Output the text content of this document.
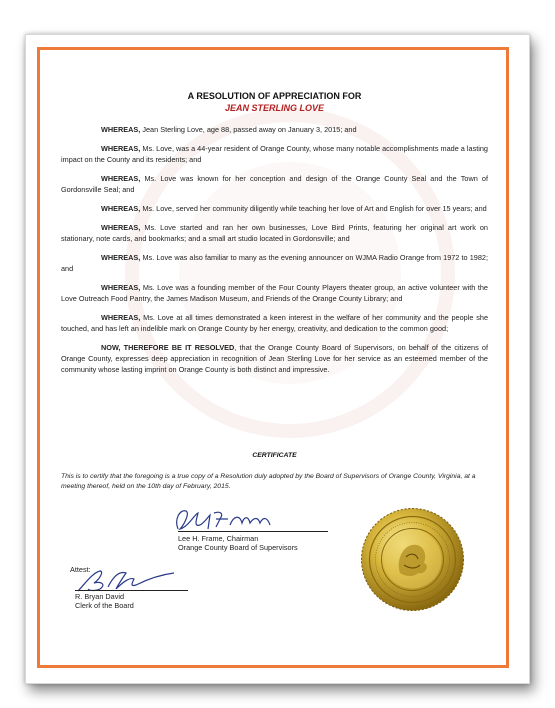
A RESOLUTION OF APPRECIATION FOR
JEAN STERLING LOVE

WHEREAS, Jean Sterling Love, age 88, passed away on January 3, 2015; and

WHEREAS, Ms. Love, was a 44-year resident of Orange County, whose many notable accomplishments made a lasting impact on the County and its residents; and

WHEREAS, Ms. Love was known for her conception and design of the Orange County Seal and the Town of Gordonsville Seal; and

WHEREAS, Ms. Love, served her community diligently while teaching her love of Art and English for over 15 years; and

WHEREAS, Ms. Love started and ran her own businesses, Love Bird Prints, featuring her original art work on stationary, note cards, and bookmarks; and a small art studio located in Gordonsville; and

WHEREAS, Ms. Love was also familiar to many as the evening announcer on WJMA Radio Orange from 1972 to 1982; and

WHEREAS, Ms. Love was a founding member of the Four County Players theater group, an active volunteer with the Love Outreach Food Pantry, the James Madison Museum, and Friends of the Orange County Library; and

WHEREAS, Ms. Love at all times demonstrated a keen interest in the welfare of her community and the people she touched, and has left an indelible mark on Orange County by her energy, creativity, and dedication to the common good;

NOW, THEREFORE BE IT RESOLVED, that the Orange County Board of Supervisors, on behalf of the citizens of Orange County, expresses deep appreciation in recognition of Jean Sterling Love for her service as an esteemed member of the community whose lasting imprint on Orange County is both distinct and impressive.

CERTIFICATE
This is to certify that the foregoing is a true copy of a Resolution duly adopted by the Board of Supervisors of Orange County, Virginia, at a meeting thereof, held on the 10th day of February, 2015.
Lee H. Frame, Chairman
Orange County Board of Supervisors
Attest:
R. Bryan David
Clerk of the Board
